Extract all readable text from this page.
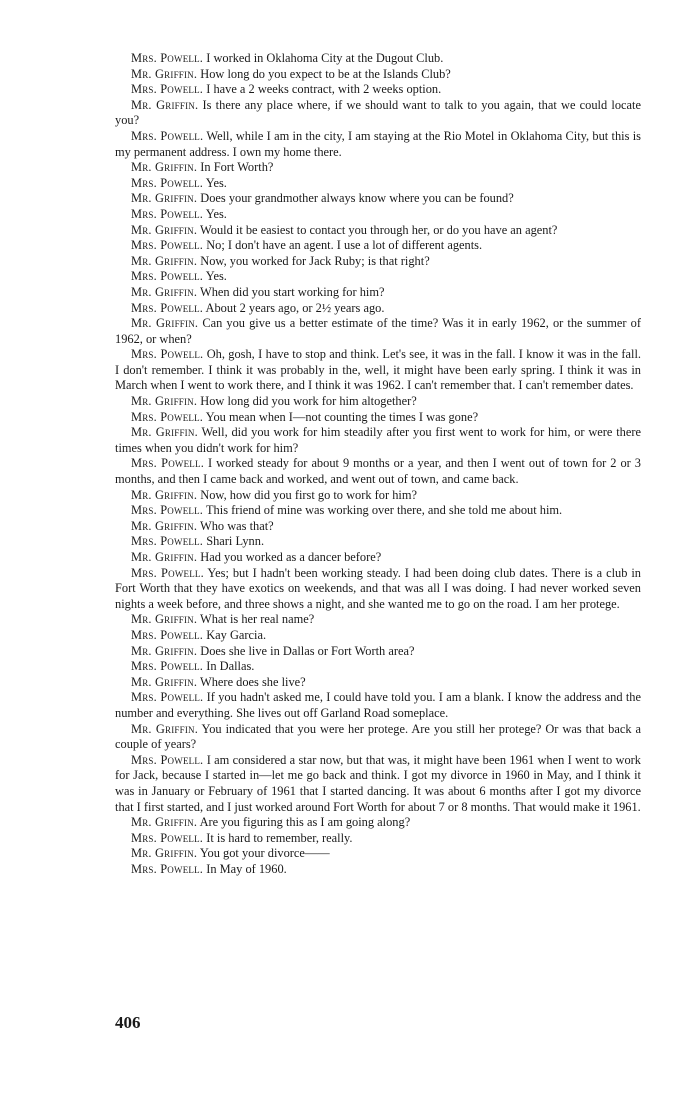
Mrs. Powell. I worked in Oklahoma City at the Dugout Club.

Mr. Griffin. How long do you expect to be at the Islands Club?

Mrs. Powell. I have a 2 weeks contract, with 2 weeks option.

Mr. Griffin. Is there any place where, if we should want to talk to you again, that we could locate you?

Mrs. Powell. Well, while I am in the city, I am staying at the Rio Motel in Oklahoma City, but this is my permanent address. I own my home there.

Mr. Griffin. In Fort Worth?

Mrs. Powell. Yes.

Mr. Griffin. Does your grandmother always know where you can be found?

Mrs. Powell. Yes.

Mr. Griffin. Would it be easiest to contact you through her, or do you have an agent?

Mrs. Powell. No; I don't have an agent. I use a lot of different agents.

Mr. Griffin. Now, you worked for Jack Ruby; is that right?

Mrs. Powell. Yes.

Mr. Griffin. When did you start working for him?

Mrs. Powell. About 2 years ago, or 2½ years ago.

Mr. Griffin. Can you give us a better estimate of the time? Was it in early 1962, or the summer of 1962, or when?

Mrs. Powell. Oh, gosh, I have to stop and think. Let's see, it was in the fall. I know it was in the fall. I don't remember. I think it was probably in the, well, it might have been early spring. I think it was in March when I went to work there, and I think it was 1962. I can't remember that. I can't remember dates.

Mr. Griffin. How long did you work for him altogether?

Mrs. Powell. You mean when I—not counting the times I was gone?

Mr. Griffin. Well, did you work for him steadily after you first went to work for him, or were there times when you didn't work for him?

Mrs. Powell. I worked steady for about 9 months or a year, and then I went out of town for 2 or 3 months, and then I came back and worked, and went out of town, and came back.

Mr. Griffin. Now, how did you first go to work for him?

Mrs. Powell. This friend of mine was working over there, and she told me about him.

Mr. Griffin. Who was that?

Mrs. Powell. Shari Lynn.

Mr. Griffin. Had you worked as a dancer before?

Mrs. Powell. Yes; but I hadn't been working steady. I had been doing club dates. There is a club in Fort Worth that they have exotics on weekends, and that was all I was doing. I had never worked seven nights a week before, and three shows a night, and she wanted me to go on the road. I am her protege.

Mr. Griffin. What is her real name?

Mrs. Powell. Kay Garcia.

Mr. Griffin. Does she live in Dallas or Fort Worth area?

Mrs. Powell. In Dallas.

Mr. Griffin. Where does she live?

Mrs. Powell. If you hadn't asked me, I could have told you. I am a blank. I know the address and the number and everything. She lives out off Garland Road someplace.

Mr. Griffin. You indicated that you were her protege. Are you still her protege? Or was that back a couple of years?

Mrs. Powell. I am considered a star now, but that was, it might have been 1961 when I went to work for Jack, because I started in—let me go back and think. I got my divorce in 1960 in May, and I think it was in January or February of 1961 that I started dancing. It was about 6 months after I got my divorce that I first started, and I just worked around Fort Worth for about 7 or 8 months. That would make it 1961.

Mr. Griffin. Are you figuring this as I am going along?

Mrs. Powell. It is hard to remember, really.

Mr. Griffin. You got your divorce——

Mrs. Powell. In May of 1960.

406
